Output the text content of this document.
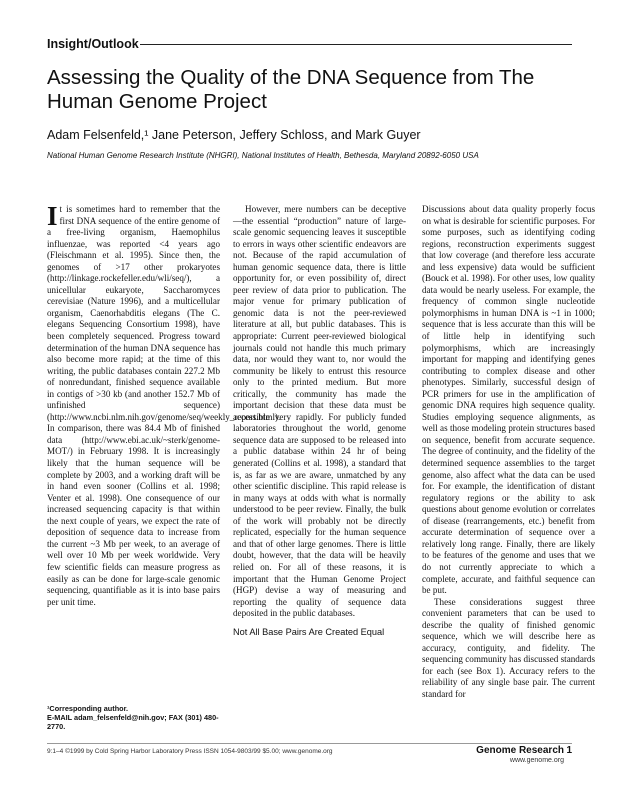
Insight/Outlook
Assessing the Quality of the DNA Sequence from The Human Genome Project
Adam Felsenfeld,¹ Jane Peterson, Jeffery Schloss, and Mark Guyer
National Human Genome Research Institute (NHGRI), National Institutes of Health, Bethesda, Maryland 20892-6050 USA

It is sometimes hard to remember that the first DNA sequence of the entire genome of a free-living organism, Haemophilus influenzae, was reported <4 years ago (Fleischmann et al. 1995). Since then, the genomes of >17 other prokaryotes (http://linkage.rockefeller.edu/wli/seq/), a unicellular eukaryote, Saccharomyces cerevisiae (Nature 1996), and a multicellular organism, Caenorhabditis elegans (The C. elegans Sequencing Consortium 1998), have been completely sequenced. Progress toward determination of the human DNA sequence has also become more rapid; at the time of this writing, the public databases contain 227.2 Mb of nonredundant, finished sequence available in contigs of >30 kb (and another 152.7 Mb of unfinished sequence) (http://www.ncbi.nlm.nih.gov/genome/seq/weekly_report.html). In comparison, there was 84.4 Mb of finished data (http://www.ebi.ac.uk/~sterk/genome-MOT/) in February 1998. It is increasingly likely that the human sequence will be complete by 2003, and a working draft will be in hand even sooner (Collins et al. 1998; Venter et al. 1998). One consequence of our increased sequencing capacity is that within the next couple of years, we expect the rate of deposition of sequence data to increase from the current ~3 Mb per week, to an average of well over 10 Mb per week worldwide. Very few scientific fields can measure progress as easily as can be done for large-scale genomic sequencing, quantifiable as it is into base pairs per unit time.

However, mere numbers can be deceptive—the essential “production” nature of large-scale genomic sequencing leaves it susceptible to errors in ways other scientific endeavors are not. Because of the rapid accumulation of human genomic sequence data, there is little opportunity for, or even possibility of, direct peer review of data prior to publication. The major venue for primary publication of genomic data is not the peer-reviewed literature at all, but public databases. This is appropriate: Current peer-reviewed biological journals could not handle this much primary data, nor would they want to, nor would the community be likely to entrust this resource only to the printed medium. But more critically, the community has made the important decision that these data must be accessible very rapidly. For publicly funded laboratories throughout the world, genome sequence data are supposed to be released into a public database within 24 hr of being generated (Collins et al. 1998), a standard that is, as far as we are aware, unmatched by any other scientific discipline. This rapid release is in many ways at odds with what is normally understood to be peer review. Finally, the bulk of the work will probably not be directly replicated, especially for the human sequence and that of other large genomes. There is little doubt, however, that the data will be heavily relied on. For all of these reasons, it is important that the Human Genome Project (HGP) devise a way of measuring and reporting the quality of sequence data deposited in the public databases.

Not All Base Pairs Are Created Equal

Discussions about data quality properly focus on what is desirable for scientific purposes. For some purposes, such as identifying coding regions, reconstruction experiments suggest that low coverage (and therefore less accurate and less expensive) data would be sufficient (Bouck et al. 1998). For other uses, low quality data would be nearly useless. For example, the frequency of common single nucleotide polymorphisms in human DNA is ~1 in 1000; sequence that is less accurate than this will be of little help in identifying such polymorphisms, which are increasingly important for mapping and identifying genes contributing to complex disease and other phenotypes. Similarly, successful design of PCR primers for use in the amplification of genomic DNA requires high sequence quality. Studies employing sequence alignments, as well as those modeling protein structures based on sequence, benefit from accurate sequence. The degree of continuity, and the fidelity of the determined sequence assemblies to the target genome, also affect what the data can be used for. For example, the identification of distant regulatory regions or the ability to ask questions about genome evolution or correlates of disease (rearrangements, etc.) benefit from accurate determination of sequence over a relatively long range. Finally, there are likely to be features of the genome and uses that we do not currently appreciate to which a complete, accurate, and faithful sequence can be put.

These considerations suggest three convenient parameters that can be used to describe the quality of finished genomic sequence, which we will describe here as accuracy, contiguity, and fidelity. The sequencing community has discussed standards for each (see Box 1). Accuracy refers to the reliability of any single base pair. The current standard for

¹Corresponding author.
E-MAIL adam_felsenfeld@nih.gov; FAX (301) 480-2770.
9:1–4 ©1999 by Cold Spring Harbor Laboratory Press ISSN 1054-9803/99 $5.00; www.genome.org	Genome Research 1
www.genome.org
